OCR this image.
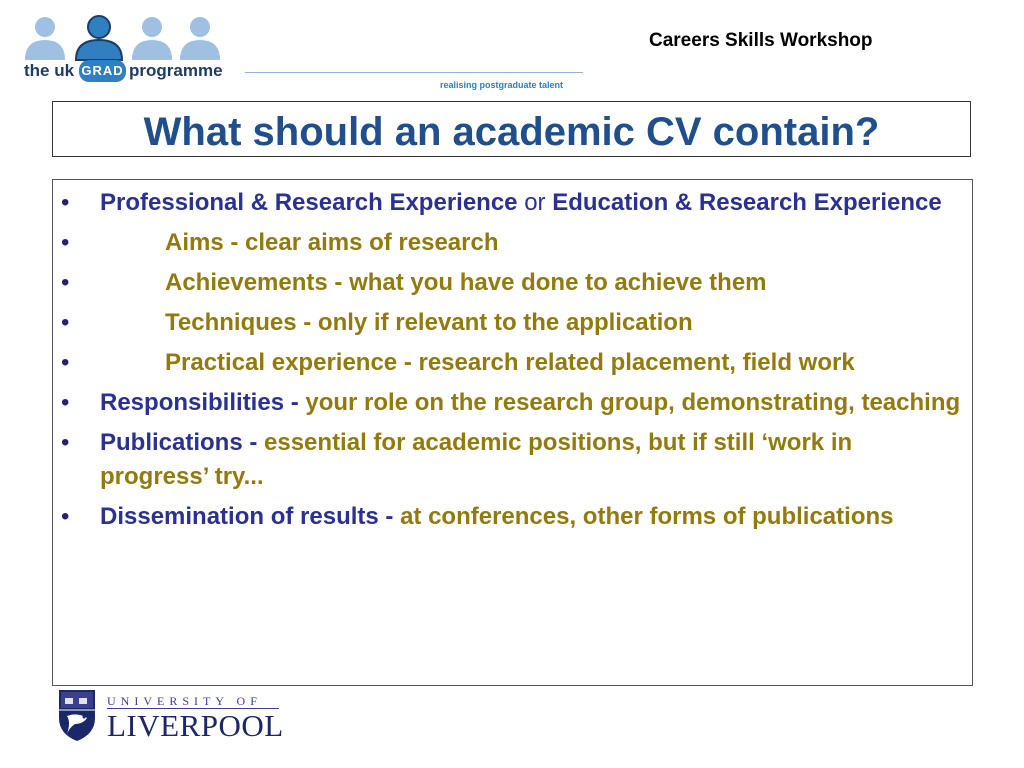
the uk GRAD programme
realising postgraduate talent
Careers Skills Workshop
What should an academic CV contain?
• Professional & Research Experience or Education & Research Experience
•	Aims - clear aims of research
•	Achievements - what you have done to achieve them
•	Techniques - only if relevant to the application
•	Practical experience - research related placement, field work
• Responsibilities - your role on the research group, demonstrating, teaching
• Publications - essential for academic positions, but if still ‘work in progress’ try...
• Dissemination of results - at conferences, other forms of publications
UNIVERSITY OF
LIVERPOOL
